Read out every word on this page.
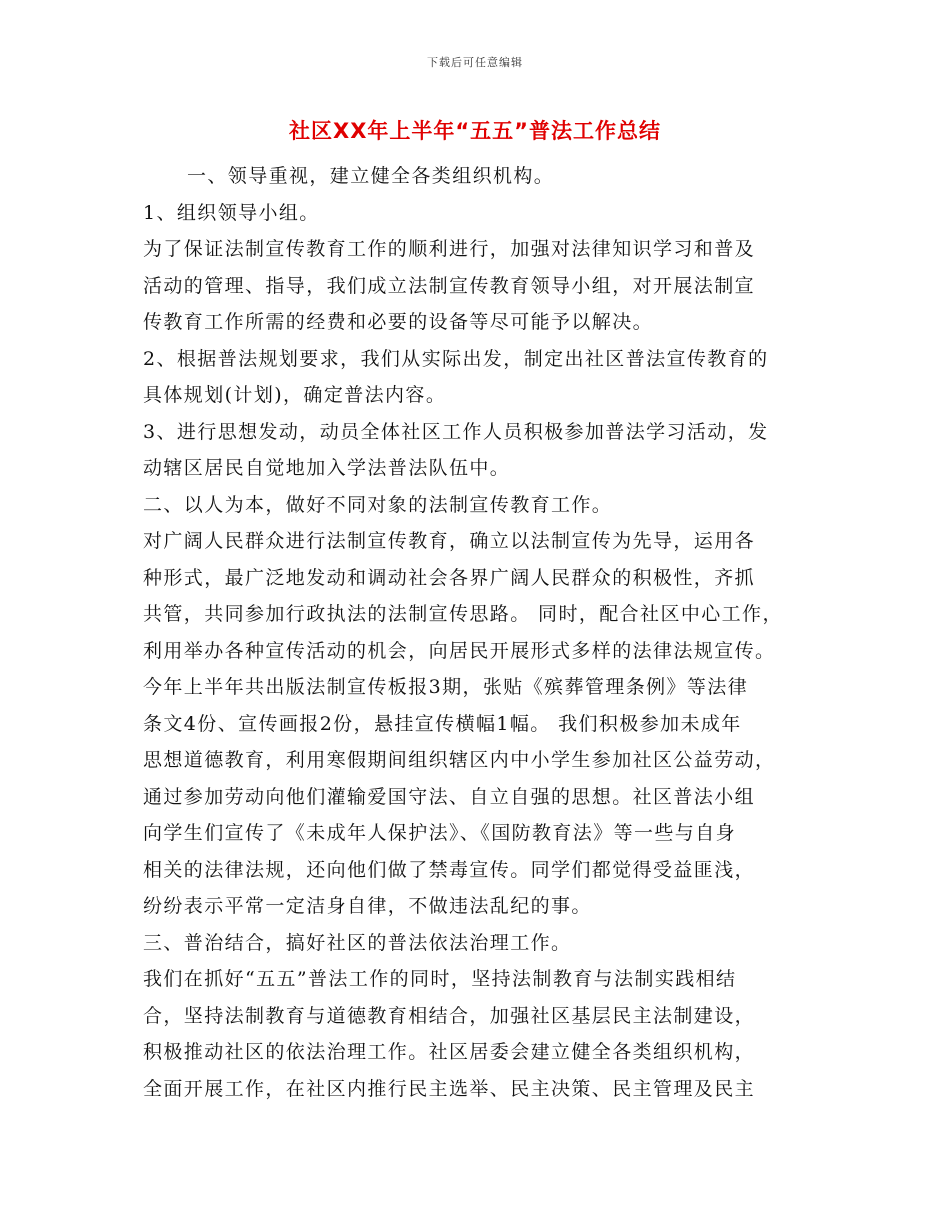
下载后可任意编辑
社区XX年上半年“五五”普法工作总结
一、领导重视，建立健全各类组织机构。
1、组织领导小组。
为了保证法制宣传教育工作的顺利进行，加强对法律知识学习和普及
活动的管理、指导，我们成立法制宣传教育领导小组，对开展法制宣
传教育工作所需的经费和必要的设备等尽可能予以解决。
2、根据普法规划要求，我们从实际出发，制定出社区普法宣传教育的
具体规划(计划)，确定普法内容。
3、进行思想发动，动员全体社区工作人员积极参加普法学习活动，发
动辖区居民自觉地加入学法普法队伍中。
二、以人为本，做好不同对象的法制宣传教育工作。
对广阔人民群众进行法制宣传教育，确立以法制宣传为先导，运用各
种形式，最广泛地发动和调动社会各界广阔人民群众的积极性，齐抓
共管，共同参加行政执法的法制宣传思路。 同时，配合社区中心工作，
利用举办各种宣传活动的机会，向居民开展形式多样的法律法规宣传。
今年上半年共出版法制宣传板报3期，张贴《殡葬管理条例》等法律
条文4份、宣传画报2份，悬挂宣传横幅1幅。 我们积极参加未成年
思想道德教育，利用寒假期间组织辖区内中小学生参加社区公益劳动，
通过参加劳动向他们灌输爱国守法、自立自强的思想。社区普法小组
向学生们宣传了《未成年人保护法》、《国防教育法》等一些与自身
相关的法律法规，还向他们做了禁毒宣传。同学们都觉得受益匪浅，
纷纷表示平常一定洁身自律，不做违法乱纪的事。
三、普治结合，搞好社区的普法依法治理工作。
我们在抓好“五五”普法工作的同时，坚持法制教育与法制实践相结
合，坚持法制教育与道德教育相结合，加强社区基层民主法制建设，
积极推动社区的依法治理工作。社区居委会建立健全各类组织机构，
全面开展工作，在社区内推行民主选举、民主决策、民主管理及民主
